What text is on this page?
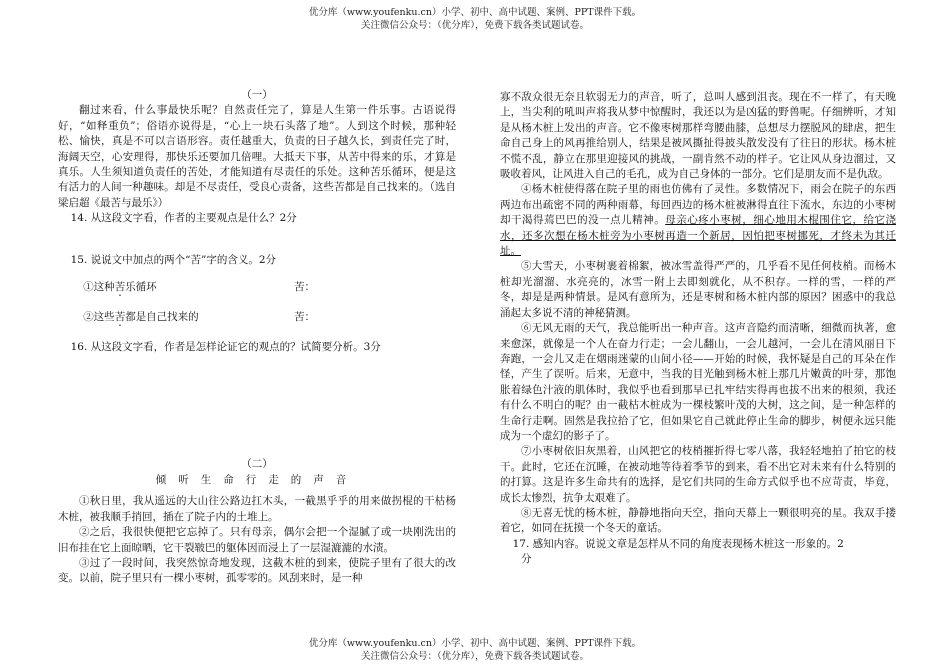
优分库（www.youfenku.cn）小学、初中、高中试题、案例、PPT课件下载。
关注微信公众号：（优分库），免费下载各类试题试卷。
（一）

翻过来看，什么事最快乐呢？自然责任完了，算是人生第一件乐事。古语说得好，“如释重负”；俗语亦说得是，“心上一块石头落了地”。人到这个时候，那种轻松、愉快，真是不可以言语形容。责任越重大，负责的日子越久长，到责任完了时，海阔天空，心安理得，那快乐还要加几倍哩。大抵天下事，从苦中得来的乐，才算是真乐。人生须知道负责任的苦处，才能知道有尽责任的乐处。这种苦乐循环，便是这有活力的人间一种趣味。却是不尽责任，受良心责备，这些苦都是自己找来的。（选自梁启超《最苦与最乐》）

14. 从这段文字看，作者的主要观点是什么？2分

15. 说说文中加点的两个“苦”字的含义。2分

①这种苦乐循环	苦：
②这些苦都是自己找来的	苦：

16. 从这段文字看，作者是怎样论证它的观点的？试简要分析。3分

（二）
倾听生命行走的声音

①秋日里，我从遥远的大山往公路边扛木头，一截黑乎乎的用来做拐棍的干枯杨木桩，被我顺手捎回，插在了院子内的土堆上。

②之后，我很快便把它忘掉了。只有母亲，偶尔会把一个湿腻了或一块刚洗出的旧布挂在它上面晾晒，它干裂皲巴的躯体因而浸上了一层湿漉漉的水渍。

③过了一段时间，我突然惊奇地发现，这截木桩的到来，使院子里有了很大的改变。以前，院子里只有一棵小枣树，孤零零的。风刮来时，是一种

寡不敌众很无奈且软弱无力的声音，听了，总叫人感到沮丧。现在不一样了，有天晚上，当尖利的吼叫声将我从梦中惊醒时，我还以为是凶猛的野兽呢。仔细辨听，才知是从杨木桩上发出的声音。它不像枣树那样弯腰曲膝，总想尽力摆脱风的肆虐，把生命自己身上的风再推给别人，结果是被风撕扯得披头散发没有了往日的形状。杨木桩不慌不乱，静立在那里迎接风的挑战，一副肯然不动的样子。它让风从身边溜过，又吸收着风，让风进入自己的毛孔，成为自己身体的一部分。它们是朋友而不是仇敌。

④杨木桩使得落在院子里的雨也仿佛有了灵性。多数情况下，雨会在院子的东西两边布出疏密不同的两种雨幕，每回西边的杨木桩被淋得直往下流水，东边的小枣树却干渴得蔫巴巴的没一点儿精神。母亲心疼小枣树，细心地用木棍围住它，给它浇水，还多次想在杨木桩旁为小枣树再造一个新居，因怕把枣树挪死，才终未为其迁址。

⑤大雪天，小枣树裹着棉絮，被冰雪盖得严严的，几乎看不见任何枝梢。而杨木桩却光溜溜、水亮亮的，冰雪一附上去即刻就化，从不积存。一样的雪，一样的严冬，却是是两种情景。是风有意所为，还是枣树和杨木桩内部的原因？困惑中的我总涌起太多说不清的神秘猜测。

⑥无风无雨的天气，我总能听出一种声音。这声音隐约而清晰，细微而执著，愈来愈深，就像是一个人在奋力行走；一会儿翻山，一会儿越河，一会儿在清风丽日下奔跑，一会儿又走在烟雨迷蒙的山间小径——开始的时候，我怀疑是自己的耳朵在作怪，产生了误听。后来，无意中，当我的目光触到杨木桩上那几片嫩黄的叶芽，那饱胀着绿色汁液的肌体时，我似乎也看到那早已扎牢结实得再也拔不出来的根须，我还有什么不明白的呢？由一截枯木桩成为一棵枝繁叶茂的大树，这之间，是一种怎样的生命行走啊。固然是我拉拾了它，但如果它自己就此停止生命的脚步，树便永远只能成为一个虚幻的影子了。

⑦小枣树依旧灰黑着，山风把它的枝梢摧折得七零八落，我轻轻地拍了拍它的枝干。此时，它还在沉睡，在被动地等待着季节的到来，看不出它对未来有什么特别的的打算。这是许多生命共有的选择，是它们共同的生命方式似乎也不应苛责，毕竟，成长太惨烈，抗争太艰难了。

⑧无喜无忧的杨木桩，静静地指向天空，指向天幕上一颗很明亮的星。我双手搂着它，如同在抚摸一个冬天的童话。

17. 感知内容。说说文章是怎样从不同的角度表现杨木桩这一形象的。2

分

优分库（www.youfenku.cn）小学、初中、高中试题、案例、PPT课件下载。
关注微信公众号：（优分库），免费下载各类试题试卷。
